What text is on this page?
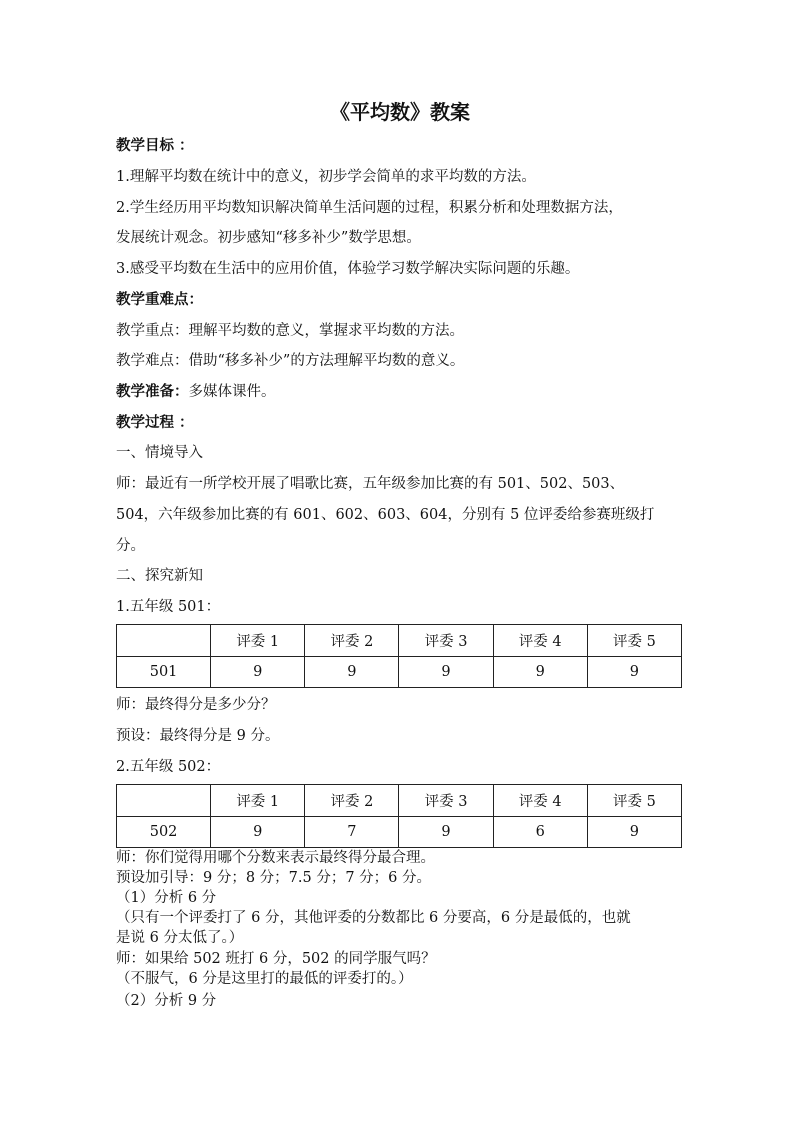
《平均数》教案
教学目标 ：
1.理解平均数在统计中的意义，初步学会简单的求平均数的方法。
2.学生经历用平均数知识解决简单生活问题的过程，积累分析和处理数据方法，
发展统计观念。初步感知“移多补少”数学思想。
3.感受平均数在生活中的应用价值，体验学习数学解决实际问题的乐趣。
教学重难点：
教学重点：理解平均数的意义，掌握求平均数的方法。
教学难点：借助“移多补少”的方法理解平均数的意义。
教学准备：多媒体课件。
教学过程 ：
一、情境导入
师：最近有一所学校开展了唱歌比赛，五年级参加比赛的有 501、502、503、
504，六年级参加比赛的有 601、602、603、604，分别有 5 位评委给参赛班级打
分。
二、探究新知
1.五年级 501：
	评委 1	评委 2	评委 3	评委 4	评委 5
501	9	9	9	9	9
师：最终得分是多少分？
预设：最终得分是 9 分。
2.五年级 502：
	评委 1	评委 2	评委 3	评委 4	评委 5
502	9	7	9	6	9
师：你们觉得用哪个分数来表示最终得分最合理。
预设加引导：9 分；8 分；7.5 分；7 分；6 分。
（1）分析 6 分
（只有一个评委打了 6 分，其他评委的分数都比 6 分要高，6 分是最低的，也就
是说 6 分太低了。）
师：如果给 502 班打 6 分，502 的同学服气吗？
（不服气，6 分是这里打的最低的评委打的。）
（2）分析 9 分
